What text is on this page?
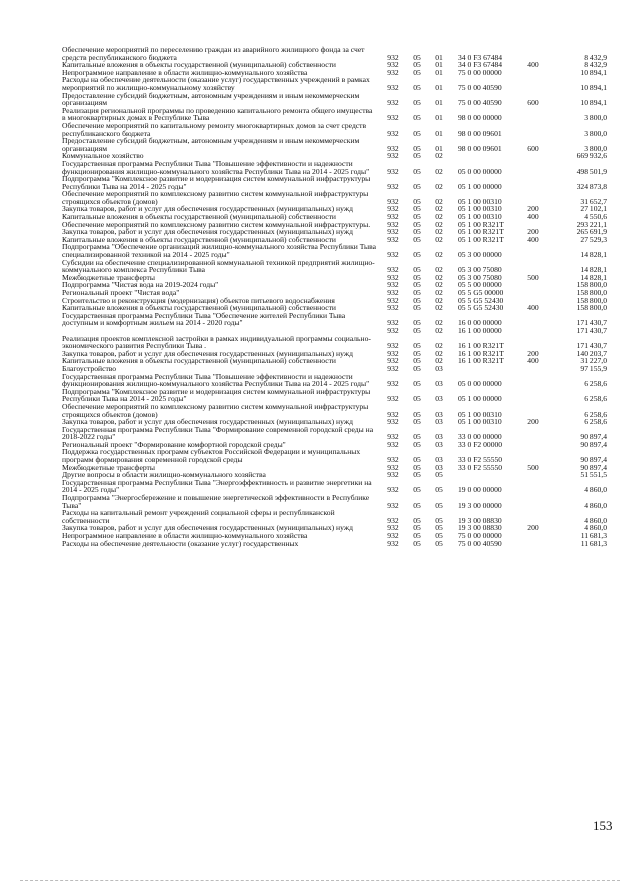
Обеспечение мероприятий по переселению граждан из аварийного жилищного фонда за счет средств республиканского бюджета	932	05	01	34 0 F3 67484	8 432,9
Капитальные вложения в объекты государственной (муниципальной) собственности	932	05	01	34 0 F3 67484	400	8 432,9
Непрограммное направление в области жилищно-коммунального хозяйства	932	05	01	75 0 00 00000	10 894,1
Расходы на обеспечение деятельности (оказание услуг) государственных учреждений в рамках мероприятий по жилищно-коммунальному хозяйству	932	05	01	75 0 00 40590	10 894,1
Предоставление субсидий бюджетным, автономным учреждениям и иным некоммерческим организациям	932	05	01	75 0 00 40590	600	10 894,1
Реализация региональной программы по проведению капитального ремонта общего имущества в многоквартирных домах в Республике Тыва	932	05	01	98 0 00 00000	3 800,0
Обеспечение мероприятий по капитальному ремонту многоквартирных домов за счет средств республиканского бюджета	932	05	01	98 0 00 09601	3 800,0
Предоставление субсидий бюджетным, автономным учреждениям и иным некоммерческим организациям	932	05	01	98 0 00 09601	600	3 800,0
Коммунальное хозяйство	932	05	02	669 932,6
Государственная программа Республики Тыва "Повышение эффективности и надежности функционирования жилищно-коммунального хозяйства Республики Тыва на 2014 - 2025 годы"	932	05	02	05 0 00 00000	498 501,9
Подпрограмма "Комплексное развитие и модернизация систем коммунальной инфраструктуры Республики Тыва на 2014 - 2025 годы"	932	05	02	05 1 00 00000	324 873,8
Обеспечение мероприятий по комплексному развитию систем коммунальной инфраструктуры строящихся объектов (домов)	932	05	02	05 1 00 00310	31 652,7
Закупка товаров, работ и услуг для обеспечения государственных (муниципальных) нужд	932	05	02	05 1 00 00310	200	27 102,1
Капитальные вложения в объекты государственной (муниципальной) собственности	932	05	02	05 1 00 00310	400	4 550,6
Обеспечение мероприятий по комплексному развитию систем коммунальной инфраструктуры.	932	05	02	05 1 00 R321T	293 221,1
Закупка товаров, работ и услуг для обеспечения государственных (муниципальных) нужд	932	05	02	05 1 00 R321T	200	265 691,9
Капитальные вложения в объекты государственной (муниципальной) собственности	932	05	02	05 1 00 R321T	400	27 529,3
Подпрограмма "Обеспечение организаций жилищно-коммунального хозяйства Республики Тыва специализированной техникой на 2014 - 2025 годы"	932	05	02	05 3 00 00000	14 828,1
Субсидии на обеспечение специализированной коммунальной техникой предприятий жилищно-коммунального комплекса Республики Тыва	932	05	02	05 3 00 75080	14 828,1
Межбюджетные трансферты	932	05	02	05 3 00 75080	500	14 828,1
Подпрограмма "Чистая вода на 2019-2024 годы"	932	05	02	05 5 00 00000	158 800,0
Региональный проект "Чистая вода"	932	05	02	05 5 G5 00000	158 800,0
Строительство и реконструкция (модернизация) объектов питьевого водоснабжения	932	05	02	05 5 G5 52430	158 800,0
Капитальные вложения в объекты государственной (муниципальной) собственности	932	05	02	05 5 G5 52430	400	158 800,0
Государственная программа Республики Тыва "Обеспечение жителей Республики Тыва доступным и комфортным жильем на 2014 - 2020 годы"	932	05	02	16 0 00 00000	171 430,7
932	05	02	16 1 00 00000	171 430,7
Реализация проектов комплексной застройки в рамках индивидуальной программы социально-экономического развития Республики Тыва .	932	05	02	16 1 00 R321T	171 430,7
Закупка товаров, работ и услуг для обеспечения государственных (муниципальных) нужд	932	05	02	16 1 00 R321T	200	140 203,7
Капитальные вложения в объекты государственной (муниципальной) собственности	932	05	02	16 1 00 R321T	400	31 227,0
Благоустройство	932	05	03	97 155,9
Государственная программа Республики Тыва "Повышение эффективности и надежности функционирования жилищно-коммунального хозяйства Республики Тыва на 2014 - 2025 годы"	932	05	03	05 0 00 00000	6 258,6
Подпрограмма "Комплексное развитие и модернизация систем коммунальной инфраструктуры Республики Тыва на 2014 - 2025 годы"	932	05	03	05 1 00 00000	6 258,6
Обеспечение мероприятий по комплексному развитию систем коммунальной инфраструктуры строящихся объектов (домов)	932	05	03	05 1 00 00310	6 258,6
Закупка товаров, работ и услуг для обеспечения государственных (муниципальных) нужд	932	05	03	05 1 00 00310	200	6 258,6
Государственная программа Республики Тыва "Формирование современной городской среды на 2018-2022 годы"	932	05	03	33 0 00 00000	90 897,4
Региональный проект "Формирование комфортной городской среды"	932	05	03	33 0 F2 00000	90 897,4
Поддержка государственных программ субъектов Российской Федерации и муниципальных программ формирования современной городской среды	932	05	03	33 0 F2 55550	90 897,4
Межбюджетные трансферты	932	05	03	33 0 F2 55550	500	90 897,4
Другие вопросы в области жилищно-коммунального хозяйства	932	05	05	51 551,5
Государственная программа Республики Тыва "Энергоэффективность и развитие энергетики на 2014 - 2025 годы"	932	05	05	19 0 00 00000	4 860,0
Подпрограмма "Энергосбережение и повышение энергетической эффективности в Республике Тыва"	932	05	05	19 3 00 00000	4 860,0
Расходы на капитальный ремонт учреждений социальной сферы и республиканской собственности	932	05	05	19 3 00 08830	4 860,0
Закупка товаров, работ и услуг для обеспечения государственных (муниципальных) нужд	932	05	05	19 3 00 08830	200	4 860,0
Непрограммное направление в области жилищно-коммунального хозяйства	932	05	05	75 0 00 00000	11 681,3
Расходы на обеспечение деятельности (оказание услуг) государственных	932	05	05	75 0 00 40590	11 681,3
153
